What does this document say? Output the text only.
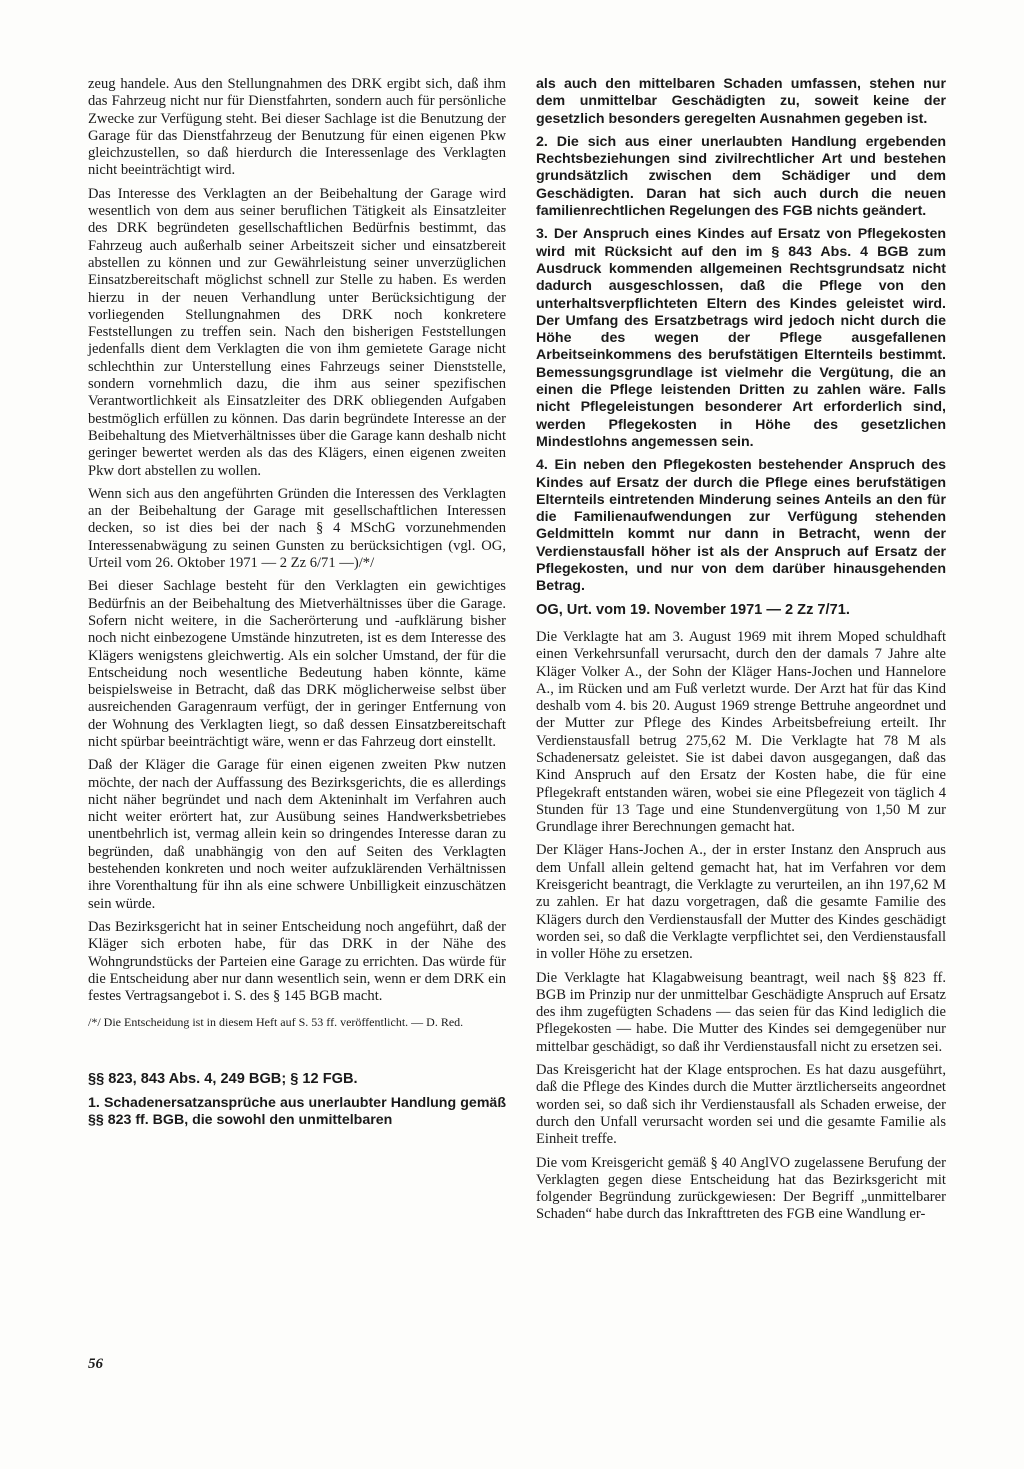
zeug handele. Aus den Stellungnahmen des DRK ergibt sich, daß ihm das Fahrzeug nicht nur für Dienstfahrten, sondern auch für persönliche Zwecke zur Verfügung steht. Bei dieser Sachlage ist die Benutzung der Garage für das Dienstfahrzeug der Benutzung für einen eigenen Pkw gleichzustellen, so daß hierdurch die Interessenlage des Verklagten nicht beeinträchtigt wird.

Das Interesse des Verklagten an der Beibehaltung der Garage wird wesentlich von dem aus seiner beruflichen Tätigkeit als Einsatzleiter des DRK begründeten gesellschaftlichen Bedürfnis bestimmt, das Fahrzeug auch außerhalb seiner Arbeitszeit sicher und einsatzbereit abstellen zu können und zur Gewährleistung seiner unverzüglichen Einsatzbereitschaft möglichst schnell zur Stelle zu haben. Es werden hierzu in der neuen Verhandlung unter Berücksichtigung der vorliegenden Stellungnahmen des DRK noch konkretere Feststellungen zu treffen sein. Nach den bisherigen Feststellungen jedenfalls dient dem Verklagten die von ihm gemietete Garage nicht schlechthin zur Unterstellung eines Fahrzeugs seiner Dienststelle, sondern vornehmlich dazu, die ihm aus seiner spezifischen Verantwortlichkeit als Einsatzleiter des DRK obliegenden Aufgaben bestmöglich erfüllen zu können. Das darin begründete Interesse an der Beibehaltung des Mietverhältnisses über die Garage kann deshalb nicht geringer bewertet werden als das des Klägers, einen eigenen zweiten Pkw dort abstellen zu wollen.

Wenn sich aus den angeführten Gründen die Interessen des Verklagten an der Beibehaltung der Garage mit gesellschaftlichen Interessen decken, so ist dies bei der nach § 4 MSchG vorzunehmenden Interessenabwägung zu seinen Gunsten zu berücksichtigen (vgl. OG, Urteil vom 26. Oktober 1971 — 2 Zz 6/71 —)/*/

Bei dieser Sachlage besteht für den Verklagten ein gewichtiges Bedürfnis an der Beibehaltung des Mietverhältnisses über die Garage. Sofern nicht weitere, in die Sacherörterung und -aufklärung bisher noch nicht einbezogene Umstände hinzutreten, ist es dem Interesse des Klägers wenigstens gleichwertig. Als ein solcher Umstand, der für die Entscheidung noch wesentliche Bedeutung haben könnte, käme beispielsweise in Betracht, daß das DRK möglicherweise selbst über ausreichenden Garagenraum verfügt, der in geringer Entfernung von der Wohnung des Verklagten liegt, so daß dessen Einsatzbereitschaft nicht spürbar beeinträchtigt wäre, wenn er das Fahrzeug dort einstellt.

Daß der Kläger die Garage für einen eigenen zweiten Pkw nutzen möchte, der nach der Auffassung des Bezirksgerichts, die es allerdings nicht näher begründet und nach dem Akteninhalt im Verfahren auch nicht weiter erörtert hat, zur Ausübung seines Handwerksbetriebes unentbehrlich ist, vermag allein kein so dringendes Interesse daran zu begründen, daß unabhängig von den auf Seiten des Verklagten bestehenden konkreten und noch weiter aufzuklärenden Verhältnissen ihre Vorenthaltung für ihn als eine schwere Unbilligkeit einzuschätzen sein würde.

Das Bezirksgericht hat in seiner Entscheidung noch angeführt, daß der Kläger sich erboten habe, für das DRK in der Nähe des Wohngrundstücks der Parteien eine Garage zu errichten. Das würde für die Entscheidung aber nur dann wesentlich sein, wenn er dem DRK ein festes Vertragsangebot i. S. des § 145 BGB macht.

/*/ Die Entscheidung ist in diesem Heft auf S. 53 ff. veröffentlicht. — D. Red.

§§ 823, 843 Abs. 4, 249 BGB; § 12 FGB.

1. Schadenersatzansprüche aus unerlaubter Handlung gemäß §§ 823 ff. BGB, die sowohl den unmittelbaren

als auch den mittelbaren Schaden umfassen, stehen nur dem unmittelbar Geschädigten zu, soweit keine der gesetzlich besonders geregelten Ausnahmen gegeben ist.

2. Die sich aus einer unerlaubten Handlung ergebenden Rechtsbeziehungen sind zivilrechtlicher Art und bestehen grundsätzlich zwischen dem Schädiger und dem Geschädigten. Daran hat sich auch durch die neuen familienrechtlichen Regelungen des FGB nichts geändert.

3. Der Anspruch eines Kindes auf Ersatz von Pflegekosten wird mit Rücksicht auf den im § 843 Abs. 4 BGB zum Ausdruck kommenden allgemeinen Rechtsgrundsatz nicht dadurch ausgeschlossen, daß die Pflege von den unterhaltsverpflichteten Eltern des Kindes geleistet wird. Der Umfang des Ersatzbetrags wird jedoch nicht durch die Höhe des wegen der Pflege ausgefallenen Arbeitseinkommens des berufstätigen Elternteils bestimmt. Bemessungsgrundlage ist vielmehr die Vergütung, die an einen die Pflege leistenden Dritten zu zahlen wäre. Falls nicht Pflegeleistungen besonderer Art erforderlich sind, werden Pflegekosten in Höhe des gesetzlichen Mindestlohns angemessen sein.

4. Ein neben den Pflegekosten bestehender Anspruch des Kindes auf Ersatz der durch die Pflege eines berufstätigen Elternteils eintretenden Minderung seines Anteils an den für die Familienaufwendungen zur Verfügung stehenden Geldmitteln kommt nur dann in Betracht, wenn der Verdienstausfall höher ist als der Anspruch auf Ersatz der Pflegekosten, und nur von dem darüber hinausgehenden Betrag.

OG, Urt. vom 19. November 1971 — 2 Zz 7/71.

Die Verklagte hat am 3. August 1969 mit ihrem Moped schuldhaft einen Verkehrsunfall verursacht, durch den der damals 7 Jahre alte Kläger Volker A., der Sohn der Kläger Hans-Jochen und Hannelore A., im Rücken und am Fuß verletzt wurde. Der Arzt hat für das Kind deshalb vom 4. bis 20. August 1969 strenge Bettruhe angeordnet und der Mutter zur Pflege des Kindes Arbeitsbefreiung erteilt. Ihr Verdienstausfall betrug 275,62 M. Die Verklagte hat 78 M als Schadenersatz geleistet. Sie ist dabei davon ausgegangen, daß das Kind Anspruch auf den Ersatz der Kosten habe, die für eine Pflegekraft entstanden wären, wobei sie eine Pflegezeit von täglich 4 Stunden für 13 Tage und eine Stundenvergütung von 1,50 M zur Grundlage ihrer Berechnungen gemacht hat.

Der Kläger Hans-Jochen A., der in erster Instanz den Anspruch aus dem Unfall allein geltend gemacht hat, hat im Verfahren vor dem Kreisgericht beantragt, die Verklagte zu verurteilen, an ihn 197,62 M zu zahlen. Er hat dazu vorgetragen, daß die gesamte Familie des Klägers durch den Verdienstausfall der Mutter des Kindes geschädigt worden sei, so daß die Verklagte verpflichtet sei, den Verdienstausfall in voller Höhe zu ersetzen.

Die Verklagte hat Klagabweisung beantragt, weil nach §§ 823 ff. BGB im Prinzip nur der unmittelbar Geschädigte Anspruch auf Ersatz des ihm zugefügten Schadens — das seien für das Kind lediglich die Pflegekosten — habe. Die Mutter des Kindes sei demgegenüber nur mittelbar geschädigt, so daß ihr Verdienstausfall nicht zu ersetzen sei.

Das Kreisgericht hat der Klage entsprochen. Es hat dazu ausgeführt, daß die Pflege des Kindes durch die Mutter ärztlicherseits angeordnet worden sei, so daß sich ihr Verdienstausfall als Schaden erweise, der durch den Unfall verursacht worden sei und die gesamte Familie als Einheit treffe.

Die vom Kreisgericht gemäß § 40 AnglVO zugelassene Berufung der Verklagten gegen diese Entscheidung hat das Bezirksgericht mit folgender Begründung zurückgewiesen: Der Begriff „unmittelbarer Schaden“ habe durch das Inkrafttreten des FGB eine Wandlung er-

56
